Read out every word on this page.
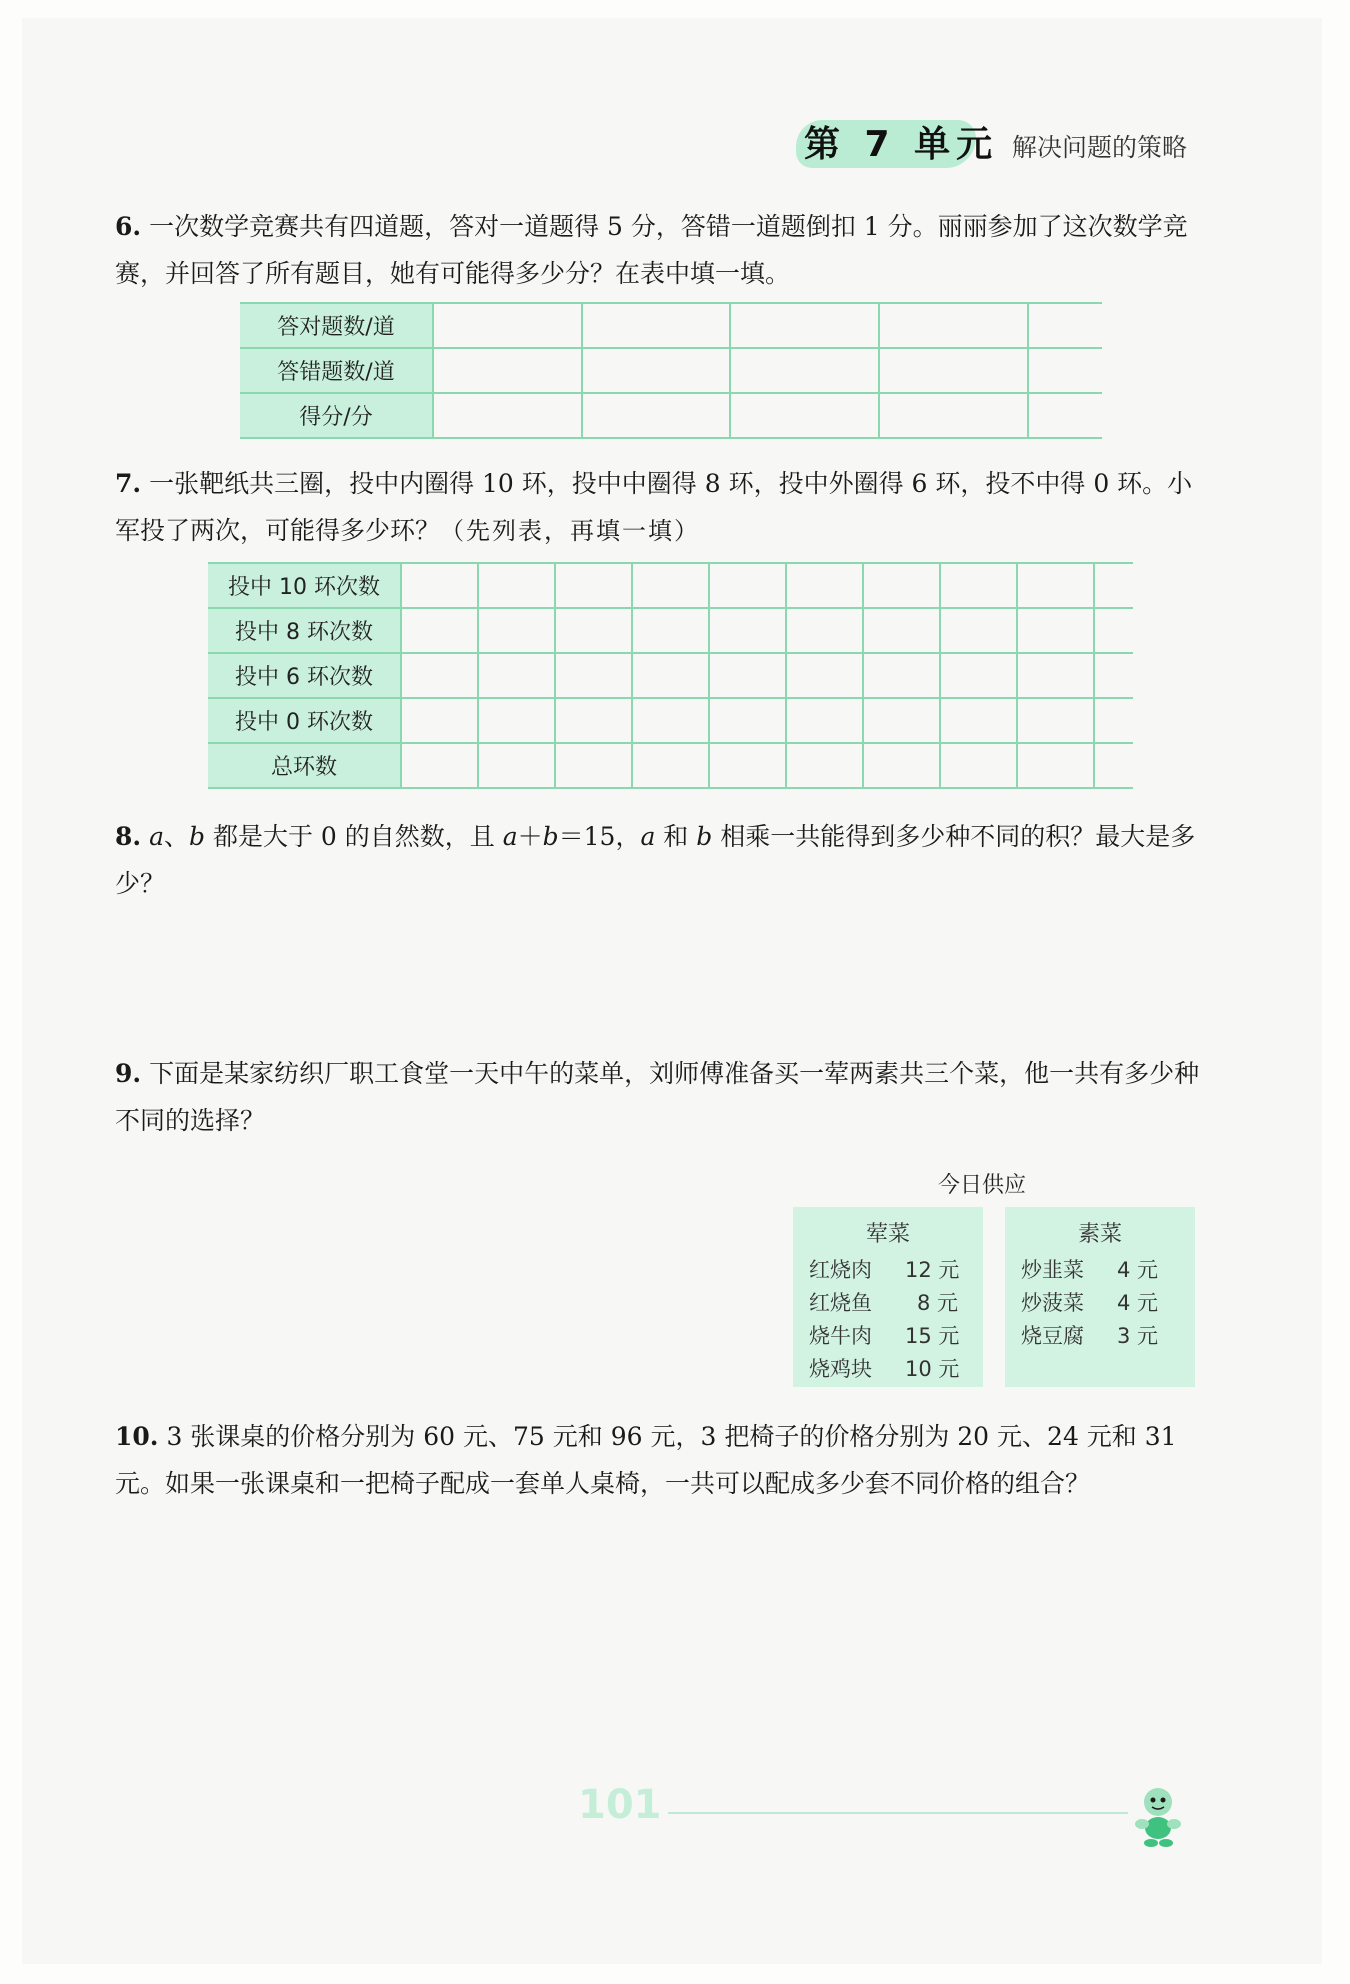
第 7 单元 解决问题的策略
6. 一次数学竞赛共有四道题，答对一道题得 5 分，答错一道题倒扣 1 分。丽丽参加了这次数学竞赛，并回答了所有题目，她有可能得多少分？在表中填一填。
答对题数/道					
答错题数/道					
得分/分					
7. 一张靶纸共三圈，投中内圈得 10 环，投中中圈得 8 环，投中外圈得 6 环，投不中得 0 环。小军投了两次，可能得多少环？（先列表，再填一填）
投中 10 环次数										
投中 8 环次数										
投中 6 环次数										
投中 0 环次数										
总环数										
8. a、b 都是大于 0 的自然数，且 a＋b＝15，a 和 b 相乘一共能得到多少种不同的积？最大是多少？
9. 下面是某家纺织厂职工食堂一天中午的菜单，刘师傅准备买一荤两素共三个菜，他一共有多少种不同的选择？
今日供应
荤菜
红烧肉	12 元
红烧鱼	8 元
烧牛肉	15 元
烧鸡块	10 元
素菜
炒韭菜	4 元
炒菠菜	4 元
烧豆腐	3 元
10. 3 张课桌的价格分别为 60 元、75 元和 96 元，3 把椅子的价格分别为 20 元、24 元和 31 元。如果一张课桌和一把椅子配成一套单人桌椅，一共可以配成多少套不同价格的组合？
101
